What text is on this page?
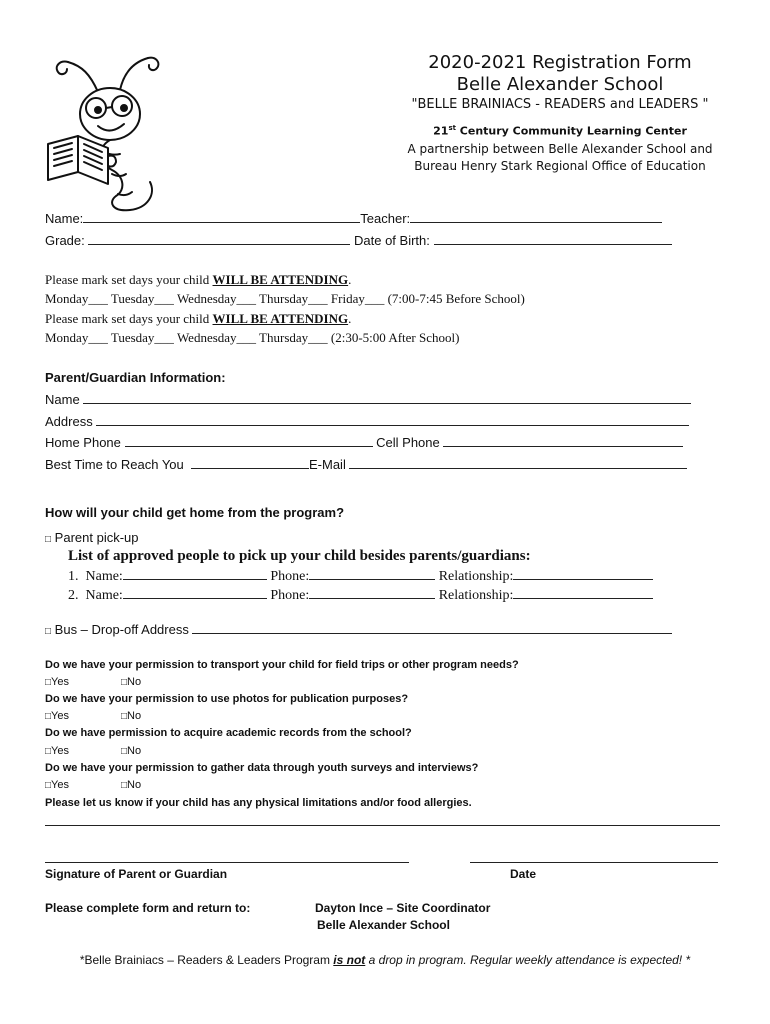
2020-2021 Registration Form
Belle Alexander School
"BELLE BRAINIACS - READERS and LEADERS "
21st Century Community Learning Center
A partnership between Belle Alexander School and
Bureau Henry Stark Regional Office of Education
Name:	Teacher:
Grade:	Date of Birth:
Please mark set days your child WILL BE ATTENDING.
Monday___ Tuesday___ Wednesday___ Thursday___ Friday___ (7:00-7:45 Before School)
Please mark set days your child WILL BE ATTENDING.
Monday___ Tuesday___ Wednesday___ Thursday___ (2:30-5:00 After School)
Parent/Guardian Information:
Name
Address
Home Phone	Cell Phone
Best Time to Reach You	E-Mail
How will your child get home from the program?
□ Parent pick-up
List of approved people to pick up your child besides parents/guardians:
1. Name:	Phone:	Relationship:
2. Name:	Phone:	Relationship:
□ Bus – Drop-off Address
Do we have your permission to transport your child for field trips or other program needs?
□Yes	□No
Do we have your permission to use photos for publication purposes?
□Yes	□No
Do we have permission to acquire academic records from the school?
□Yes	□No
Do we have your permission to gather data through youth surveys and interviews?
□Yes	□No
Please let us know if your child has any physical limitations and/or food allergies.
Signature of Parent or Guardian	Date
Please complete form and return to:	Dayton Ince – Site Coordinator
Belle Alexander School
*Belle Brainiacs – Readers & Leaders Program is not a drop in program. Regular weekly attendance is expected! *
